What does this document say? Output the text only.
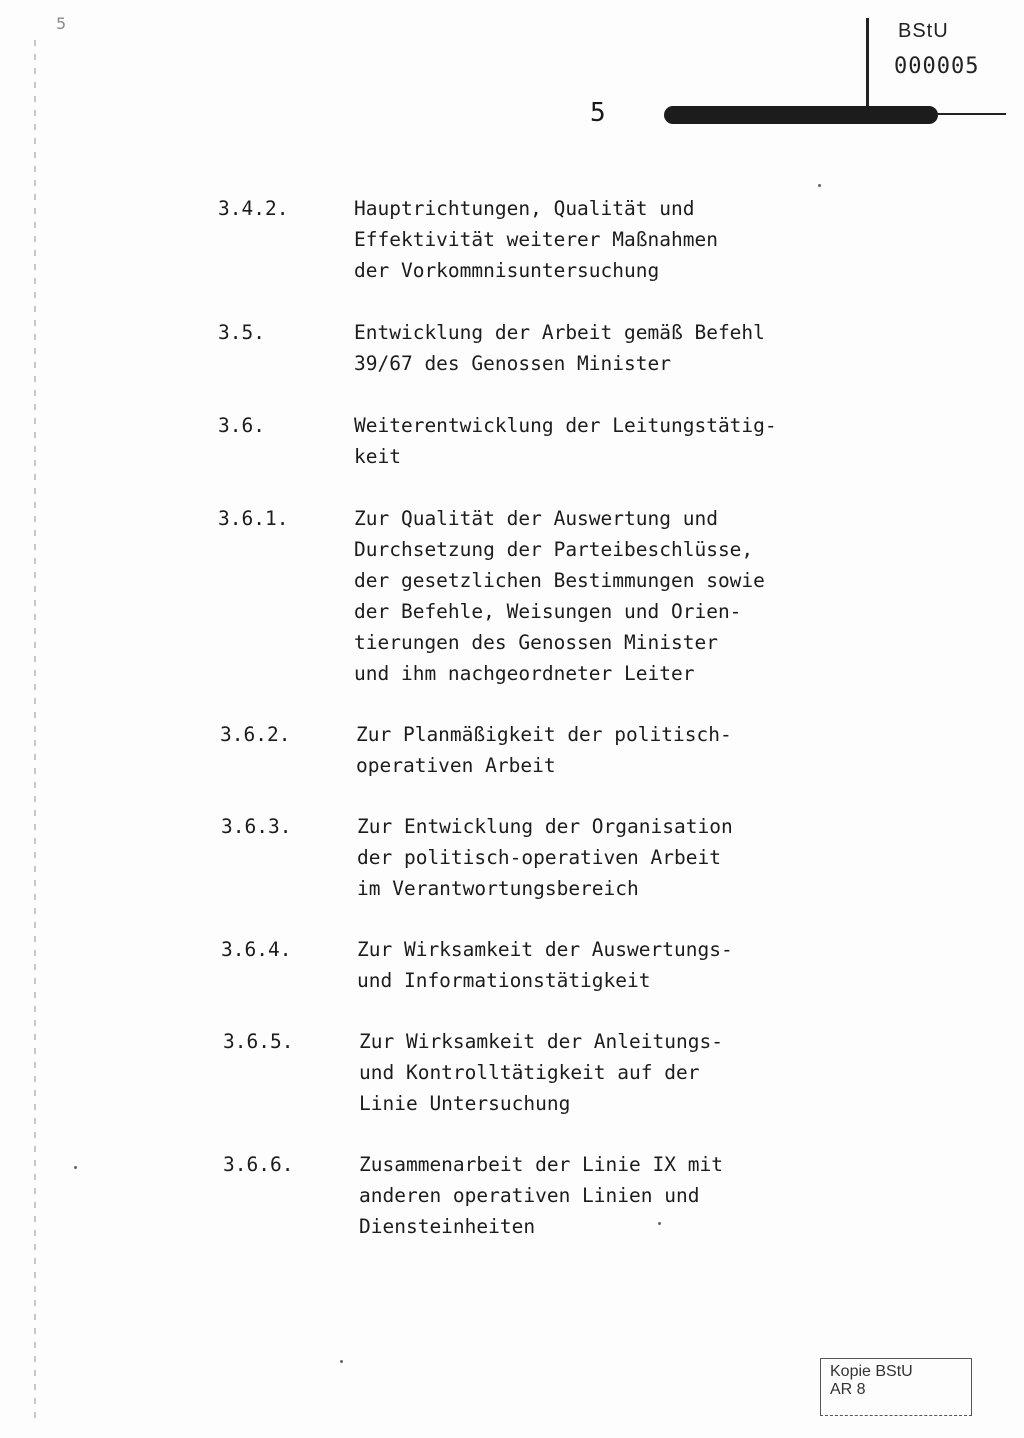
5	BStU
000005
5
3.4.2.	Hauptrichtungen, Qualität und
Effektivität weiterer Maßnahmen
der Vorkommnisuntersuchung
3.5.	Entwicklung der Arbeit gemäß Befehl
39/67 des Genossen Minister
3.6.	Weiterentwicklung der Leitungstätig-
keit
3.6.1.	Zur Qualität der Auswertung und
Durchsetzung der Parteibeschlüsse,
der gesetzlichen Bestimmungen sowie
der Befehle, Weisungen und Orien-
tierungen des Genossen Minister
und ihm nachgeordneter Leiter
3.6.2.	Zur Planmäßigkeit der politisch-
operativen Arbeit
3.6.3.	Zur Entwicklung der Organisation
der politisch-operativen Arbeit
im Verantwortungsbereich
3.6.4.	Zur Wirksamkeit der Auswertungs-
und Informationstätigkeit
3.6.5.	Zur Wirksamkeit der Anleitungs-
und Kontrolltätigkeit auf der
Linie Untersuchung
3.6.6.	Zusammenarbeit der Linie IX mit
anderen operativen Linien und
Diensteinheiten
Kopie BStU
AR 8
